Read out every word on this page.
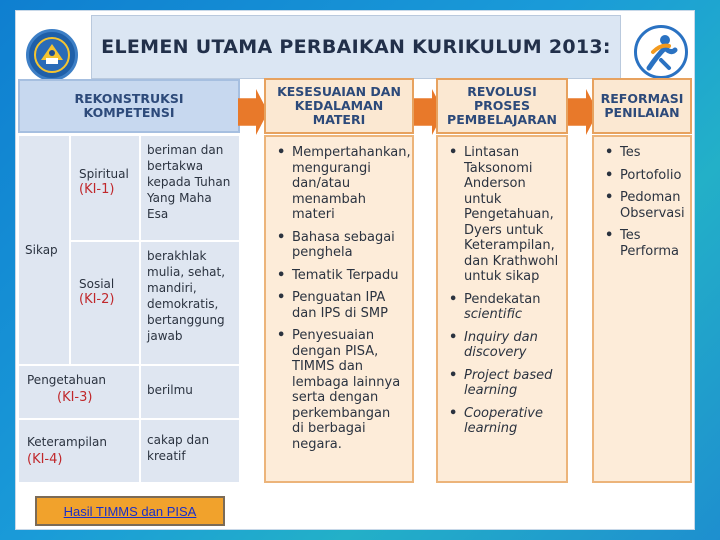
ELEMEN UTAMA PERBAIKAN KURIKULUM 2013:
REKONSTRUKSI KOMPETENSI
KESESUAIAN DAN KEDALAMAN MATERI
REVOLUSI PROSES PEMBELAJARAN
REFORMASI PENILAIAN
Sikap
Spiritual
(KI-1)
beriman dan bertakwa kepada Tuhan Yang Maha Esa
Sosial
(KI-2)
berakhlak mulia, sehat, mandiri, demokratis, bertanggung jawab
Pengetahuan
(KI-3)	berilmu
Keterampilan
(KI-4)
cakap dan kreatif
• Mempertahankan, mengurangi dan/atau menambah materi
• Bahasa sebagai penghela
• Tematik Terpadu
• Penguatan IPA dan IPS di SMP
• Penyesuaian dengan PISA, TIMMS dan lembaga lainnya serta dengan perkembangan di berbagai negara.
• Lintasan Taksonomi Anderson untuk Pengetahuan, Dyers untuk Keterampilan, dan Krathwohl untuk sikap
• Pendekatan
scientific
• Inquiry dan discovery
• Project based learning
• Cooperative learning
• Tes
• Portofolio
• Pedoman Observasi
• Tes Performa
Hasil TIMMS dan PISA
